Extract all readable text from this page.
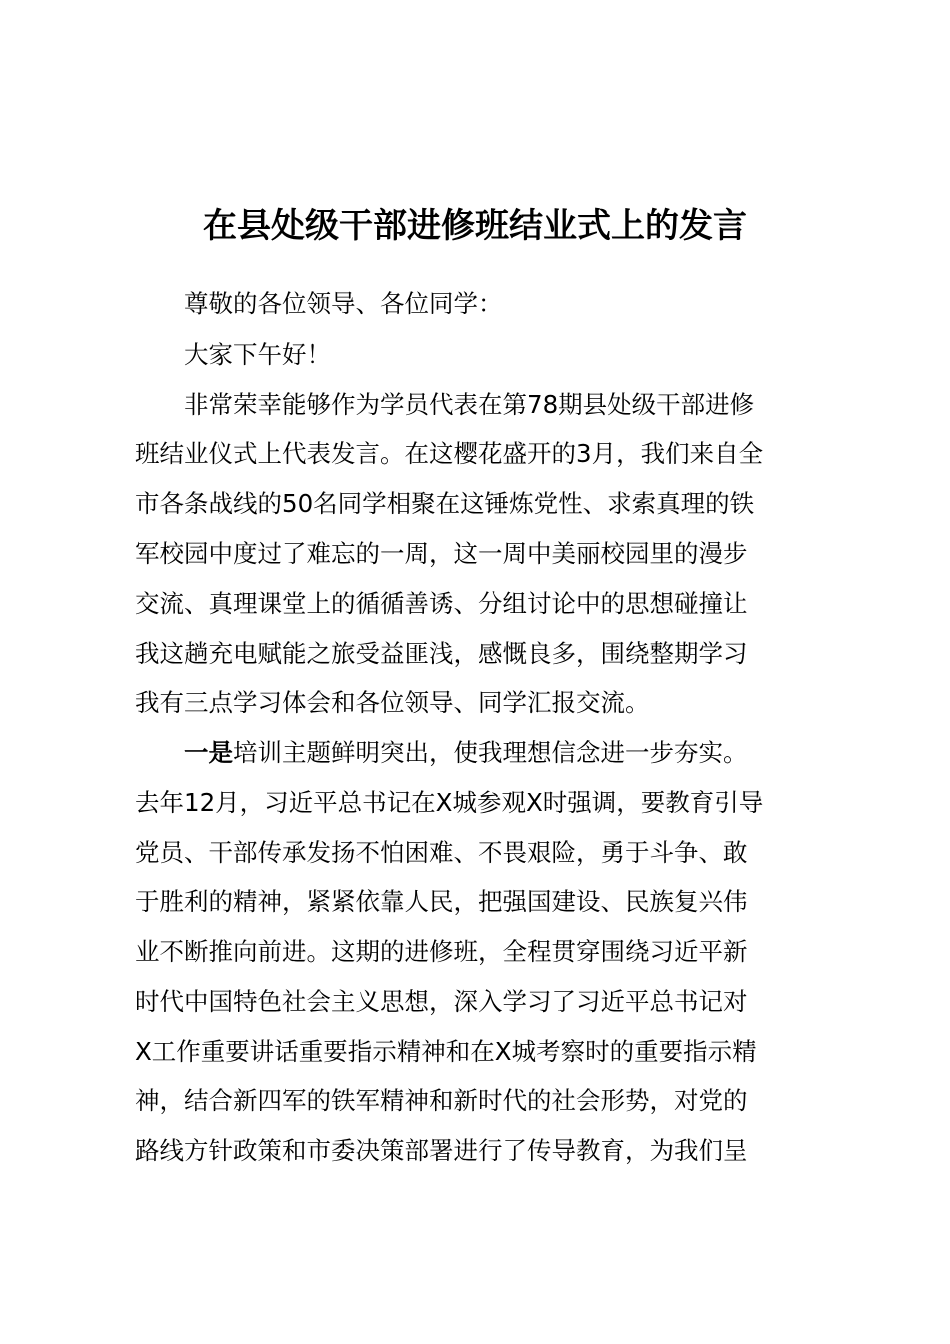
在县处级干部进修班结业式上的发言
尊敬的各位领导、各位同学：
大家下午好！
非常荣幸能够作为学员代表在第78期县处级干部进修
班结业仪式上代表发言。在这樱花盛开的3月，我们来自全
市各条战线的50名同学相聚在这锤炼党性、求索真理的铁
军校园中度过了难忘的一周，这一周中美丽校园里的漫步
交流、真理课堂上的循循善诱、分组讨论中的思想碰撞让
我这趟充电赋能之旅受益匪浅，感慨良多，围绕整期学习
我有三点学习体会和各位领导、同学汇报交流。
一是培训主题鲜明突出，使我理想信念进一步夯实。
去年12月，习近平总书记在X城参观X时强调，要教育引导
党员、干部传承发扬不怕困难、不畏艰险，勇于斗争、敢
于胜利的精神，紧紧依靠人民，把强国建设、民族复兴伟
业不断推向前进。这期的进修班，全程贯穿围绕习近平新
时代中国特色社会主义思想，深入学习了习近平总书记对
X工作重要讲话重要指示精神和在X城考察时的重要指示精
神，结合新四军的铁军精神和新时代的社会形势，对党的
路线方针政策和市委决策部署进行了传导教育，为我们呈
